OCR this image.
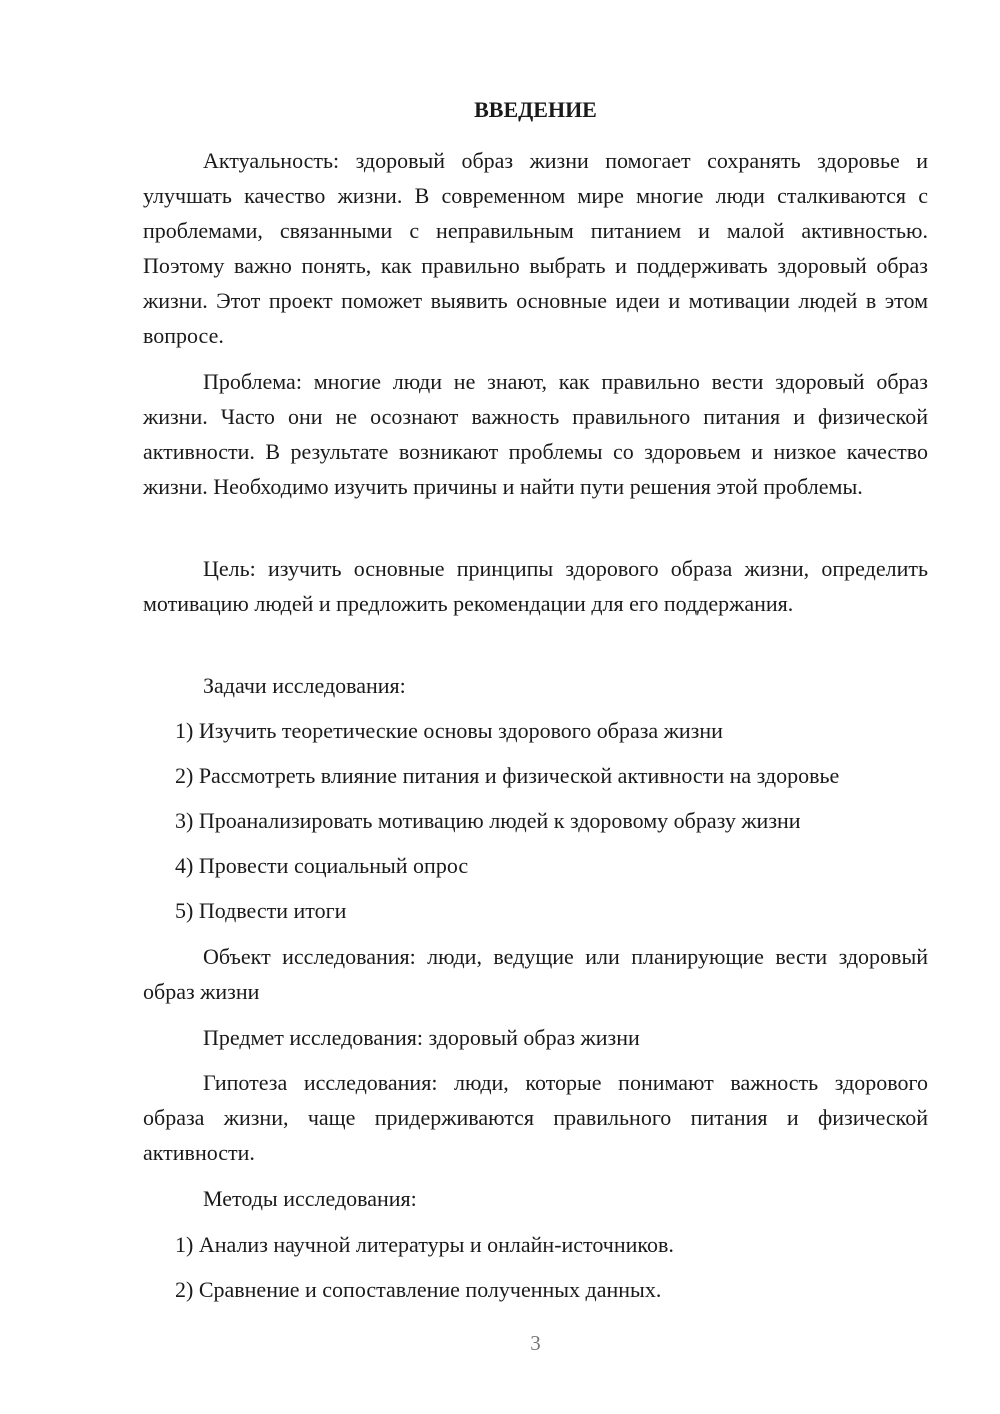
ВВЕДЕНИЕ

Актуальность: здоровый образ жизни помогает сохранять здоровье и улучшать качество жизни. В современном мире многие люди сталкиваются с проблемами, связанными с неправильным питанием и малой активностью. Поэтому важно понять, как правильно выбрать и поддерживать здоровый образ жизни. Этот проект поможет выявить основные идеи и мотивации людей в этом вопросе.

Проблема: многие люди не знают, как правильно вести здоровый образ жизни. Часто они не осознают важность правильного питания и физической активности. В результате возникают проблемы со здоровьем и низкое качество жизни. Необходимо изучить причины и найти пути решения этой проблемы.

Цель: изучить основные принципы здорового образа жизни, определить мотивацию людей и предложить рекомендации для его поддержания.

Задачи исследования:

1) Изучить теоретические основы здорового образа жизни

2) Рассмотреть влияние питания и физической активности на здоровье

3) Проанализировать мотивацию людей к здоровому образу жизни

4) Провести социальный опрос

5) Подвести итоги

Объект исследования: люди, ведущие или планирующие вести здоровый образ жизни

Предмет исследования: здоровый образ жизни

Гипотеза исследования: люди, которые понимают важность здорового образа жизни, чаще придерживаются правильного питания и физической активности.

Методы исследования:

1) Анализ научной литературы и онлайн-источников.

2) Сравнение и сопоставление полученных данных.

3
